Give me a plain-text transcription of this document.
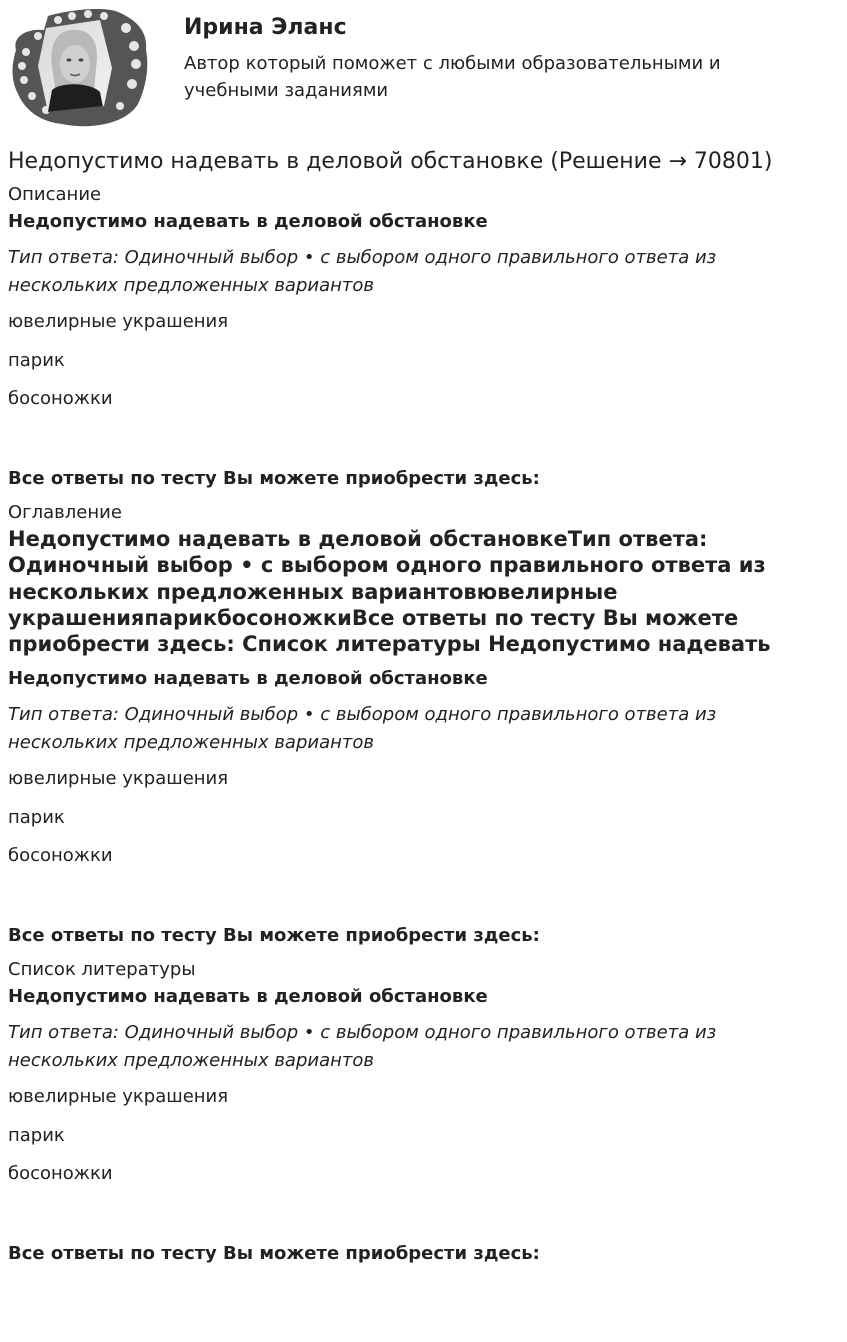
Ирина Эланс
Автор который поможет с любыми образовательными и учебными заданиями
Недопустимо надевать в деловой обстановке (Решение → 70801)
Описание
Недопустимо надевать в деловой обстановке
Тип ответа: Одиночный выбор • с выбором одного правильного ответа из нескольких предложенных вариантов
ювелирные украшения
парик
босоножки
Все ответы по тесту Вы можете приобрести здесь:
Оглавление
Недопустимо надевать в деловой обстановкеТип ответа: Одиночный выбор • с выбором одного правильного ответа из нескольких предложенных вариантовювелирные украшенияпарикбосоножкиВсе ответы по тесту Вы можете приобрести здесь: Список литературы Недопустимо надевать
Недопустимо надевать в деловой обстановке
Тип ответа: Одиночный выбор • с выбором одного правильного ответа из нескольких предложенных вариантов
ювелирные украшения
парик
босоножки
Все ответы по тесту Вы можете приобрести здесь:
Список литературы
Недопустимо надевать в деловой обстановке
Тип ответа: Одиночный выбор • с выбором одного правильного ответа из нескольких предложенных вариантов
ювелирные украшения
парик
босоножки
Все ответы по тесту Вы можете приобрести здесь:
